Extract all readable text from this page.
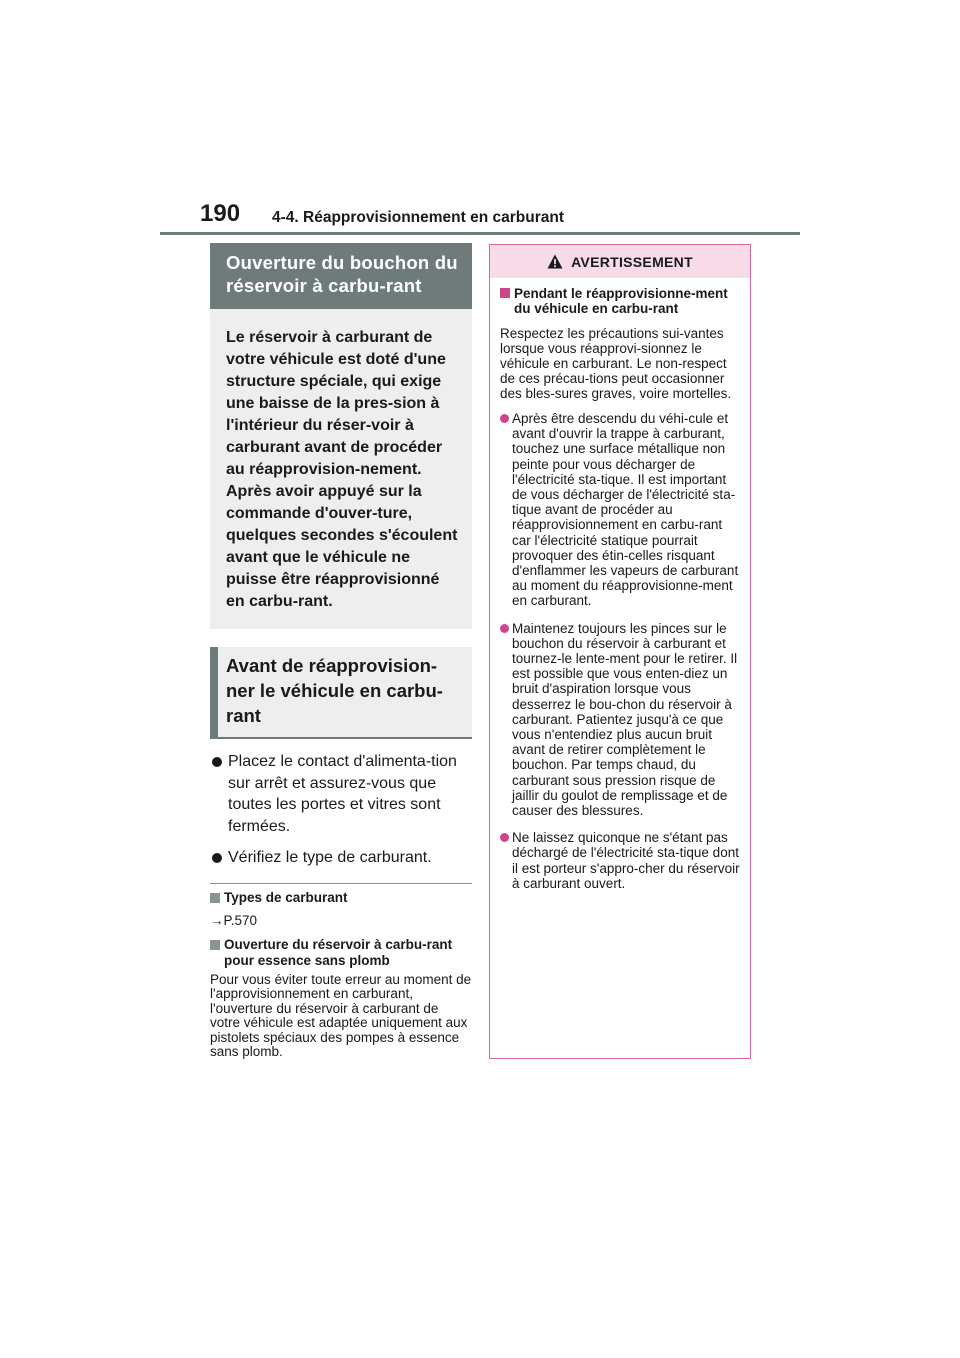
190 4-4. Réapprovisionnement en carburant
Ouverture du bouchon du réservoir à carbu-rant

Le réservoir à carburant de votre véhicule est doté d'une structure spéciale, qui exige une baisse de la pres-sion à l'intérieur du réser-voir à carburant avant de procéder au réapprovision-nement. Après avoir appuyé sur la commande d'ouver-ture, quelques secondes s'écoulent avant que le véhicule ne puisse être réapprovisionné en carbu-rant.

Avant de réapprovision-ner le véhicule en carbu-rant
Placez le contact d'alimenta-tion sur arrêt et assurez-vous que toutes les portes et vitres sont fermées.
Vérifiez le type de carburant.
Types de carburant
→P.570
Ouverture du réservoir à carbu-rant pour essence sans plomb

Pour vous éviter toute erreur au moment de l'approvisionnement en carburant, l'ouverture du réservoir à carburant de votre véhicule est adaptée uniquement aux pistolets spéciaux des pompes à essence sans plomb.

AVERTISSEMENT
Pendant le réapprovisionne-ment du véhicule en carbu-rant

Respectez les précautions sui-vantes lorsque vous réapprovi-sionnez le véhicule en carburant. Le non-respect de ces précau-tions peut occasionner des bles-sures graves, voire mortelles.

Après être descendu du véhi-cule et avant d'ouvrir la trappe à carburant, touchez une surface métallique non peinte pour vous décharger de l'électricité sta-tique. Il est important de vous décharger de l'électricité sta-tique avant de procéder au réapprovisionnement en carbu-rant car l'électricité statique pourrait provoquer des étin-celles risquant d'enflammer les vapeurs de carburant au moment du réapprovisionne-ment en carburant.
Maintenez toujours les pinces sur le bouchon du réservoir à carburant et tournez-le lente-ment pour le retirer. Il est possible que vous enten-diez un bruit d'aspiration lorsque vous desserrez le bou-chon du réservoir à carburant. Patientez jusqu'à ce que vous n'entendiez plus aucun bruit avant de retirer complètement le bouchon. Par temps chaud, du carburant sous pression risque de jaillir du goulot de remplissage et de causer des blessures.
Ne laissez quiconque ne s'étant pas déchargé de l'électricité sta-tique dont il est porteur s'appro-cher du réservoir à carburant ouvert.
